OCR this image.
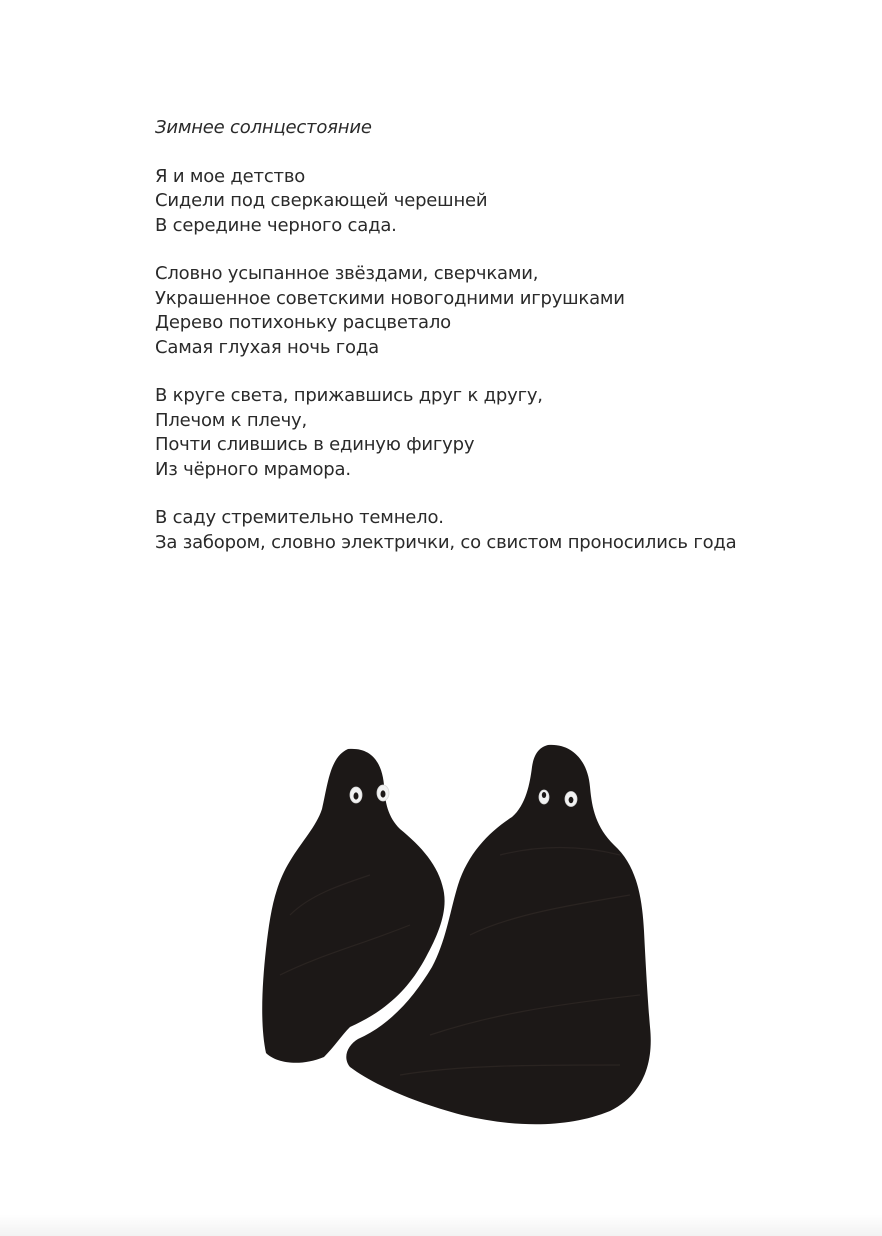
Зимнее солнцестояние

Я и мое детство
Сидели под сверкающей черешней
В середине черного сада.
Словно усыпанное звёздами, сверчками,
Украшенное советскими новогодними игрушками
Дерево потихоньку расцветало
Самая глухая ночь года
В круге света, прижавшись друг к другу,
Плечом к плечу,
Почти слившись в единую фигуру
Из чёрного мрамора.
В саду стремительно темнело.
За забором, словно электрички, со свистом проносились года
